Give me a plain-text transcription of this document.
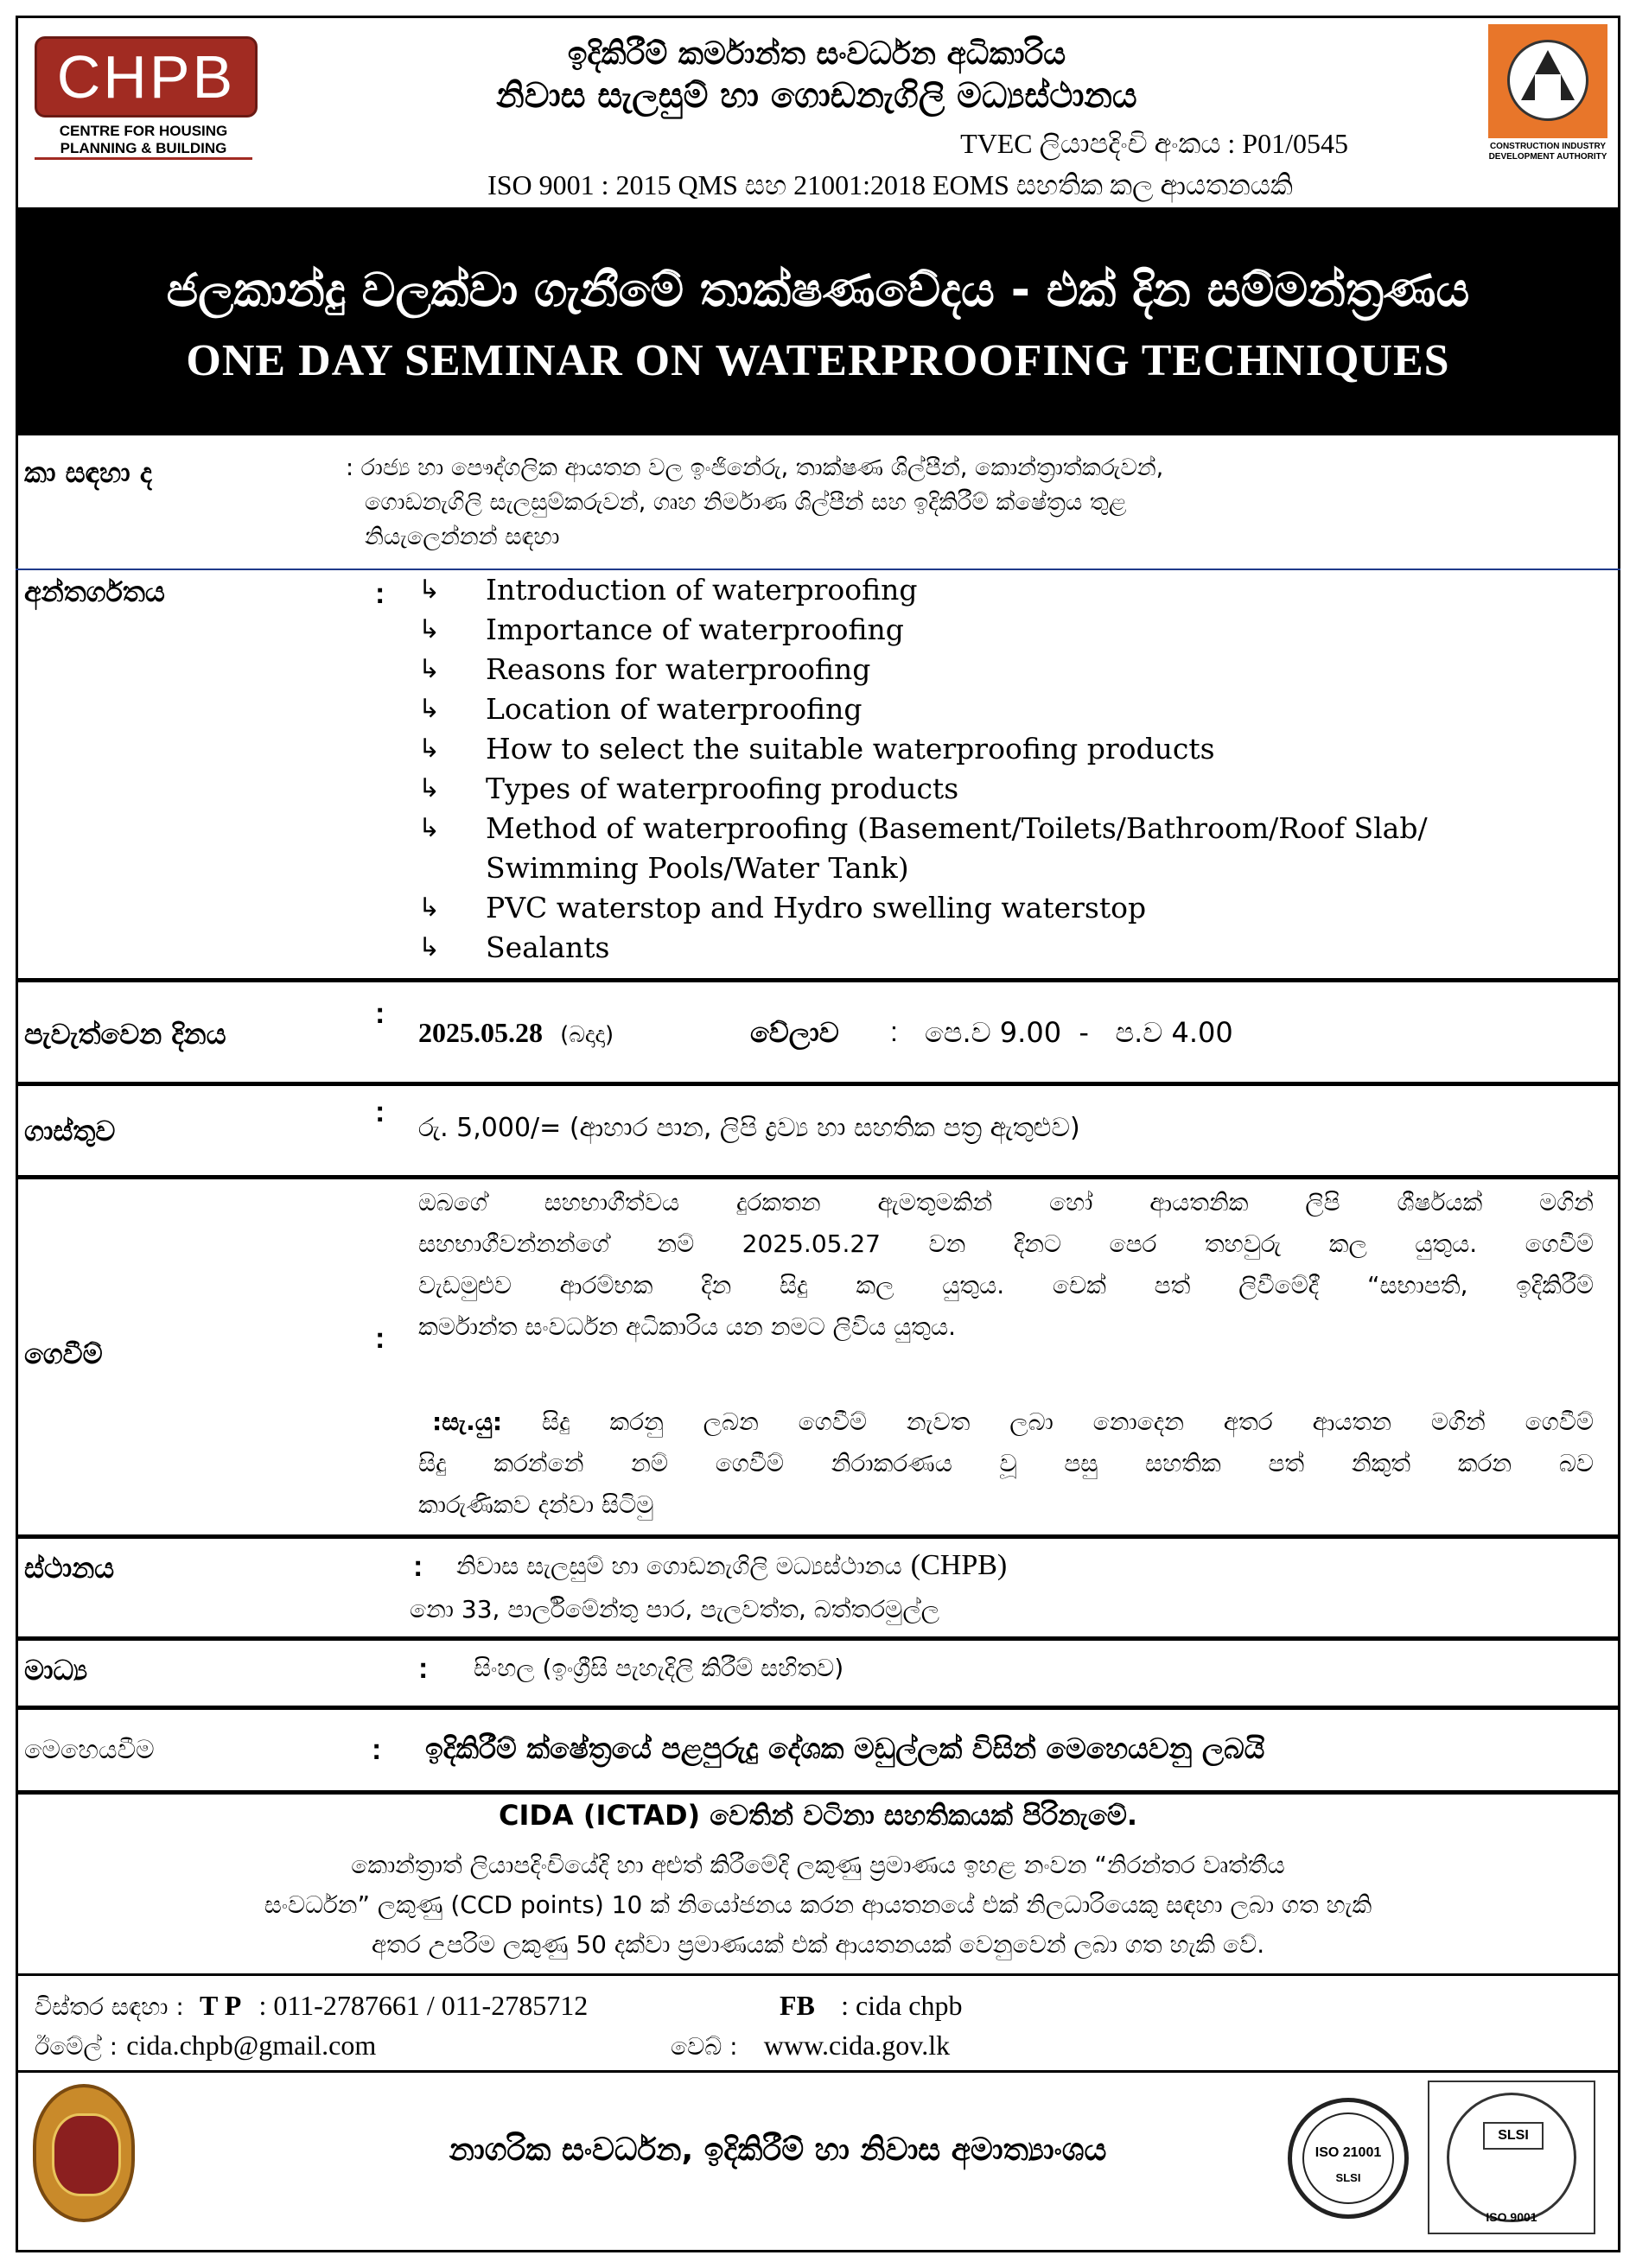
CHPB
CENTRE FOR HOUSING
PLANNING & BUILDING
ඉදිකිරීම් කර්මාන්ත සංවර්ධන අධිකාරිය
නිවාස සැලසුම් හා ගොඩනැගිලි මධ්‍යස්ථානය
TVEC ලියාපදිංචි අංකය : P01/0545
ISO 9001 : 2015 QMS සහ 21001:2018 EOMS සහතික කල ආයතනයකි
CONSTRUCTION INDUSTRY DEVELOPMENT AUTHORITY
ජලකාන්දු වලක්වා ගැනීමේ තාක්ෂණවේදය - එක් දින සම්මන්ත්‍රණය
ONE DAY SEMINAR ON WATERPROOFING TECHNIQUES
කා සඳහා ද	: රාජ්‍ය හා පෞද්ගලික ආයතන වල ඉංජිනේරු, තාක්ෂණ ශිල්පීන්, කොන්ත්‍රාත්කරුවන්,
ගොඩනැගිලි සැලසුම්කරුවන්, ගෘහ නිර්මාණ ශිල්පීන් සහ ඉදිකිරීම් ක්ෂේත්‍රය තුළ
නියැලෙන්නන් සඳහා
අන්තර්ගතය	: ↳ Introduction of waterproofing
↳ Importance of waterproofing
↳ Reasons for waterproofing
↳ Location of waterproofing
↳ How to select the suitable waterproofing products
↳ Types of waterproofing products
↳ Method of waterproofing (Basement/Toilets/Bathroom/Roof Slab/
Swimming Pools/Water Tank)
↳ PVC waterstop and Hydro swelling waterstop
↳ Sealants
පැවැත්වෙන දිනය
:
2025.05.28 (බදාදා)	වේලාව : පෙ.ව 9.00  -   ප.ව 4.00
ගාස්තුව
: රු. 5,000/= (ආහාර පාන, ලිපි ද්‍රව්‍ය හා සහතික පත්‍ර ඇතුළුව)
ගෙවීම්	:
ඔබගේ සහභාගීත්වය දුරකතන ඇමතුමකින් හෝ ආයතනික ලිපි ශීර්ෂයක් මගින්
සහභාගීවන්නන්ගේ නම් 2025.05.27 වන දිනට පෙර තහවුරු කල යුතුය. ගෙවීම්
වැඩමුළුව ආරම්භක දින සිදු කල යුතුය. චෙක් පත් ලිවීමේදී “සභාපති, ඉදිකිරීම්
කර්මාන්ත සංවර්ධන අධිකාරිය යන නමට ලිවිය යුතුය.
:සැ.යු: සිදු කරනු ලබන ගෙවීම් නැවත ලබා නොදෙන අතර ආයතන මගින් ගෙවීම්
සිදු කරන්නේ නම් ගෙවීම් නිරාකරණය වූ පසු සහතික පත් නිකුත් කරන බව
කාරුණිකව දන්වා සිටිමු
ස්ථානය	: නිවාස සැලසුම් හා ගොඩනැගිලි මධ්‍යස්ථානය (CHPB)
නො 33, පාර්ලිමේන්තු පාර, පැලවත්ත, බත්තරමුල්ල
මාධ්‍ය	: සිංහල (ඉංග්‍රීසි පැහැදිලි කිරීම් සහිතව)
මෙහෙයවීම	: ඉදිකිරීම් ක්ෂේත්‍රයේ පළපුරුදු දේශක මඩුල්ලක් විසින් මෙහෙයවනු ලබයි
CIDA (ICTAD) වෙතින් වටිනා සහතිකයක් පිරිනැමේ.
කොන්ත්‍රාත් ලියාපදිංචියේදි හා අළුත් කිරීමේදි ලකුණු ප්‍රමාණය ඉහළ නංවන “නිරන්තර වෘත්තීය
සංවර්ධන” ලකුණු (CCD points) 10 ක් නියෝජනය කරන ආයතනයේ එක් නිලධාරියෙකු සඳහා ලබා ගත හැකි
අතර උපරිම ලකුණු 50 දක්වා ප්‍රමාණයක් එක් ආයතනයක් වෙනුවෙන් ලබා ගත හැකි වේ.
විස්තර සඳහා : T P : 011-2787661 / 011-2785712
ඊමේල් : cida.chpb@gmail.com
FB : cida chpb
වෙබ් : www.cida.gov.lk
නාගරික සංවර්ධන, ඉදිකිරීම් හා නිවාස අමාත්‍යාංශය	ISO 21001
SLSI
SLSI
ISO 9001
